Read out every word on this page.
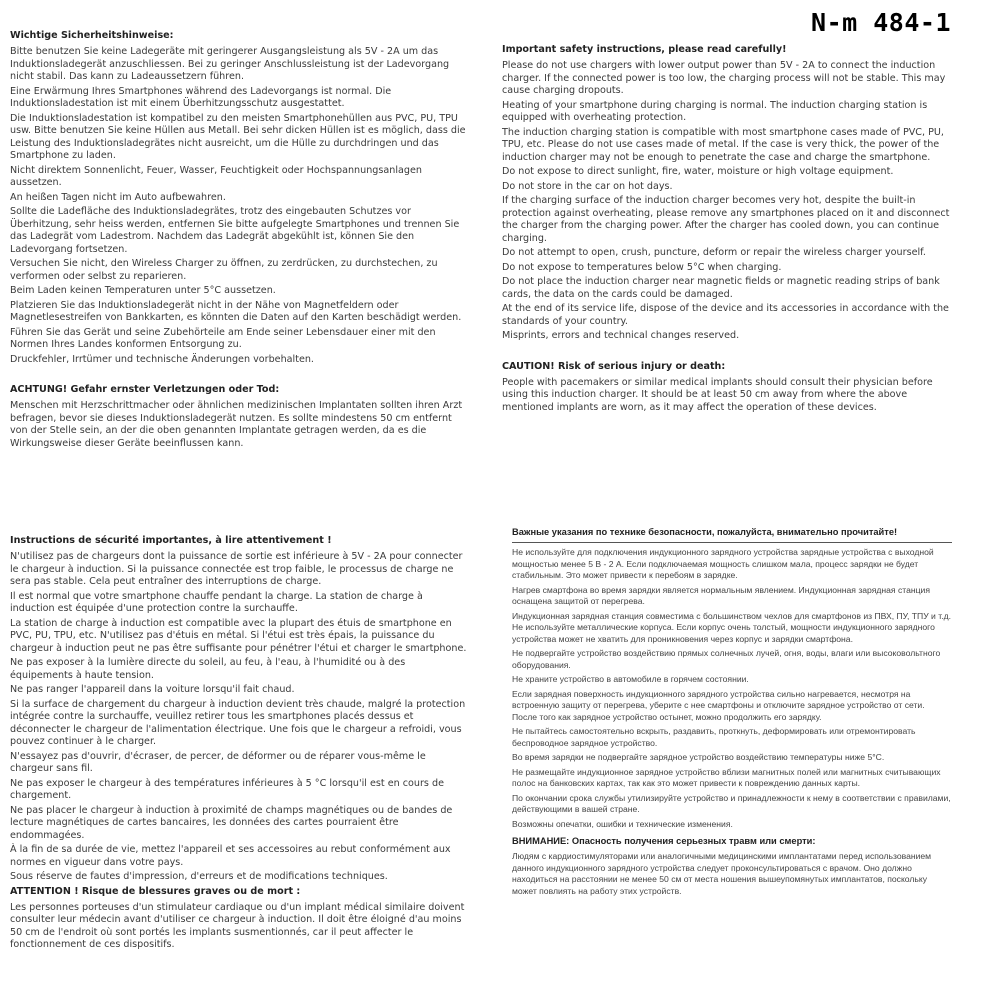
N-m 484-1
Wichtige Sicherheitshinweise:

Bitte benutzen Sie keine Ladegeräte mit geringerer Ausgangsleistung als 5V - 2A um das Induktionsladegerät anzuschliessen. Bei zu geringer Anschlussleistung ist der Ladevorgang nicht stabil. Das kann zu Ladeaussetzern führen.

Eine Erwärmung Ihres Smartphones während des Ladevorgangs ist normal. Die Induktionsladestation ist mit einem Überhitzungsschutz ausgestattet.

Die Induktionsladestation ist kompatibel zu den meisten Smartphonehüllen aus PVC, PU, TPU usw. Bitte benutzen Sie keine Hüllen aus Metall. Bei sehr dicken Hüllen ist es möglich, dass die Leistung des Induktionsladegrätes nicht ausreicht, um die Hülle zu durchdringen und das Smartphone zu laden.

Nicht direktem Sonnenlicht, Feuer, Wasser, Feuchtigkeit oder Hochspannungsanlagen aussetzen.

An heißen Tagen nicht im Auto aufbewahren.

Sollte die Ladefläche des Induktionsladegrätes, trotz des eingebauten Schutzes vor Überhitzung, sehr heiss werden, entfernen Sie bitte aufgelegte Smartphones und trennen Sie das Ladegrät vom Ladestrom. Nachdem das Ladegrät abgekühlt ist, können Sie den Ladevorgang fortsetzen.

Versuchen Sie nicht, den Wireless Charger zu öffnen, zu zerdrücken, zu durchstechen, zu verformen oder selbst zu reparieren.

Beim Laden keinen Temperaturen unter 5°C aussetzen.

Platzieren Sie das Induktionsladegerät nicht in der Nähe von Magnetfeldern oder Magnetlesestreifen von Bankkarten, es könnten die Daten auf den Karten beschädigt werden.

Führen Sie das Gerät und seine Zubehörteile am Ende seiner Lebensdauer einer mit den Normen Ihres Landes konformen Entsorgung zu.

Druckfehler, Irrtümer und technische Änderungen vorbehalten.

ACHTUNG! Gefahr ernster Verletzungen oder Tod:

Menschen mit Herzschrittmacher oder ähnlichen medizinischen Implantaten sollten ihren Arzt befragen, bevor sie dieses Induktionsladegerät nutzen. Es sollte mindestens 50 cm entfernt von der Stelle sein, an der die oben genannten Implantate getragen werden, da es die Wirkungsweise dieser Geräte beeinflussen kann.

Important safety instructions, please read carefully!

Please do not use chargers with lower output power than 5V - 2A to connect the induction charger. If the connected power is too low, the charging process will not be stable. This may cause charging dropouts.

Heating of your smartphone during charging is normal. The induction charging station is equipped with overheating protection.

The induction charging station is compatible with most smartphone cases made of PVC, PU, TPU, etc. Please do not use cases made of metal. If the case is very thick, the power of the induction charger may not be enough to penetrate the case and charge the smartphone.

Do not expose to direct sunlight, fire, water, moisture or high voltage equipment.

Do not store in the car on hot days.

If the charging surface of the induction charger becomes very hot, despite the built-in protection against overheating, please remove any smartphones placed on it and disconnect the charger from the charging power. After the charger has cooled down, you can continue charging.

Do not attempt to open, crush, puncture, deform or repair the wireless charger yourself.

Do not expose to temperatures below 5°C when charging.

Do not place the induction charger near magnetic fields or magnetic reading strips of bank cards, the data on the cards could be damaged.

At the end of its service life, dispose of the device and its accessories in accordance with the standards of your country.

Misprints, errors and technical changes reserved.

CAUTION! Risk of serious injury or death:

People with pacemakers or similar medical implants should consult their physician before using this induction charger. It should be at least 50 cm away from where the above mentioned implants are worn, as it may affect the operation of these devices.

Instructions de sécurité importantes, à lire attentivement !

N'utilisez pas de chargeurs dont la puissance de sortie est inférieure à 5V - 2A pour connecter le chargeur à induction. Si la puissance connectée est trop faible, le processus de charge ne sera pas stable. Cela peut entraîner des interruptions de charge.

Il est normal que votre smartphone chauffe pendant la charge. La station de charge à induction est équipée d'une protection contre la surchauffe.

La station de charge à induction est compatible avec la plupart des étuis de smartphone en PVC, PU, TPU, etc. N'utilisez pas d'étuis en métal. Si l'étui est très épais, la puissance du chargeur à induction peut ne pas être suffisante pour pénétrer l'étui et charger le smartphone.

Ne pas exposer à la lumière directe du soleil, au feu, à l'eau, à l'humidité ou à des équipements à haute tension.

Ne pas ranger l'appareil dans la voiture lorsqu'il fait chaud.

Si la surface de chargement du chargeur à induction devient très chaude, malgré la protection intégrée contre la surchauffe, veuillez retirer tous les smartphones placés dessus et déconnecter le chargeur de l'alimentation électrique. Une fois que le chargeur a refroidi, vous pouvez continuer à le charger.

N'essayez pas d'ouvrir, d'écraser, de percer, de déformer ou de réparer vous-même le chargeur sans fil.

Ne pas exposer le chargeur à des températures inférieures à 5 °C lorsqu'il est en cours de chargement.

Ne pas placer le chargeur à induction à proximité de champs magnétiques ou de bandes de lecture magnétiques de cartes bancaires, les données des cartes pourraient être endommagées.

À la fin de sa durée de vie, mettez l'appareil et ses accessoires au rebut conformément aux normes en vigueur dans votre pays.

Sous réserve de fautes d'impression, d'erreurs et de modifications techniques.

ATTENTION ! Risque de blessures graves ou de mort :

Les personnes porteuses d'un stimulateur cardiaque ou d'un implant médical similaire doivent consulter leur médecin avant d'utiliser ce chargeur à induction. Il doit être éloigné d'au moins 50 cm de l'endroit où sont portés les implants susmentionnés, car il peut affecter le fonctionnement de ces dispositifs.

Важные указания по технике безопасности, пожалуйста, внимательно прочитайте!

Не используйте для подключения индукционного зарядного устройства зарядные устройства с выходной мощностью менее 5 В - 2 А. Если подключаемая мощность слишком мала, процесс зарядки не будет стабильным. Это может привести к перебоям в зарядке.

Нагрев смартфона во время зарядки является нормальным явлением. Индукционная зарядная станция оснащена защитой от перегрева.

Индукционная зарядная станция совместима с большинством чехлов для смартфонов из ПВХ, ПУ, ТПУ и т.д. Не используйте металлические корпуса. Если корпус очень толстый, мощности индукционного зарядного устройства может не хватить для проникновения через корпус и зарядки смартфона.

Не подвергайте устройство воздействию прямых солнечных лучей, огня, воды, влаги или высоковольтного оборудования.

Не храните устройство в автомобиле в горячем состоянии.

Если зарядная поверхность индукционного зарядного устройства сильно нагревается, несмотря на встроенную защиту от перегрева, уберите с нее смартфоны и отключите зарядное устройство от сети. После того как зарядное устройство остынет, можно продолжить его зарядку.

Не пытайтесь самостоятельно вскрыть, раздавить, проткнуть, деформировать или отремонтировать беспроводное зарядное устройство.

Во время зарядки не подвергайте зарядное устройство воздействию температуры ниже 5°C.

Не размещайте индукционное зарядное устройство вблизи магнитных полей или магнитных считывающих полос на банковских картах, так как это может привести к повреждению данных карты.

По окончании срока службы утилизируйте устройство и принадлежности к нему в соответствии с правилами, действующими в вашей стране.

Возможны опечатки, ошибки и технические изменения.

ВНИМАНИЕ: Опасность получения серьезных травм или смерти:

Людям с кардиостимуляторами или аналогичными медицинскими имплантатами перед использованием данного индукционного зарядного устройства следует проконсультироваться с врачом. Оно должно находиться на расстоянии не менее 50 см от места ношения вышеупомянутых имплантатов, поскольку может повлиять на работу этих устройств.
